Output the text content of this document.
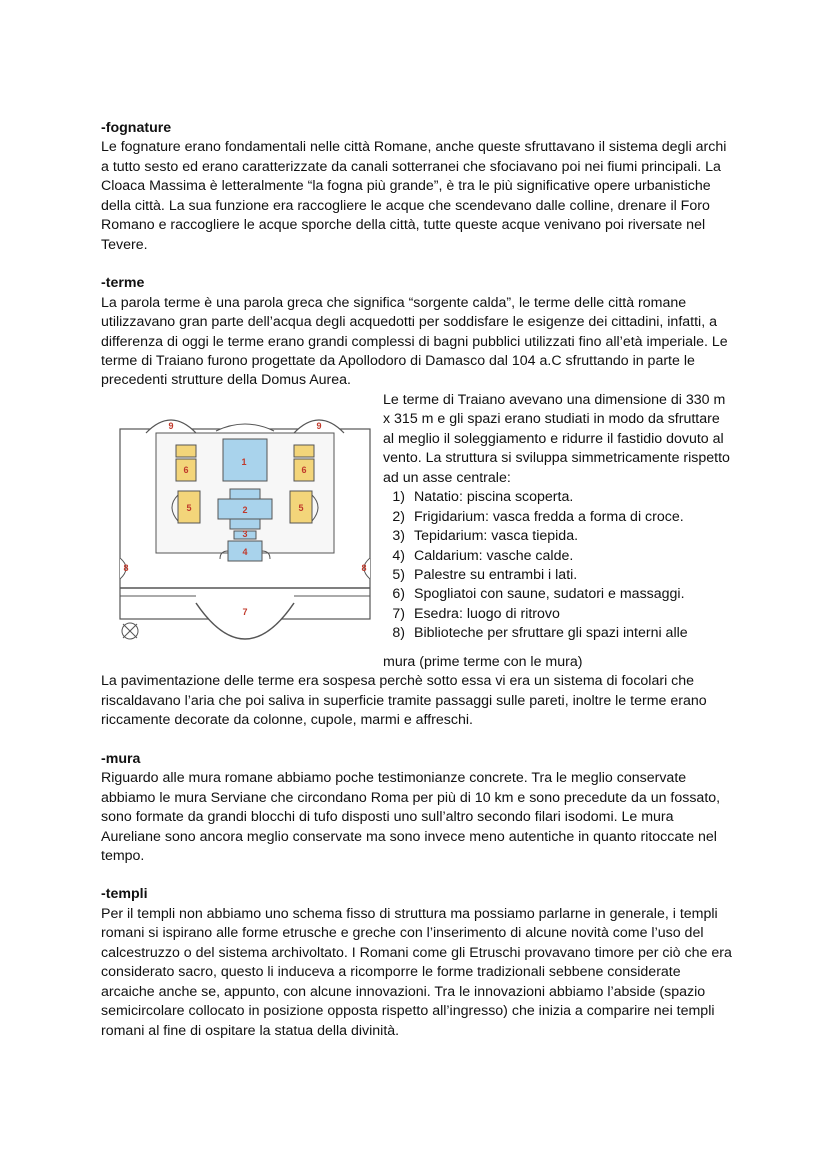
-fognature

Le fognature erano fondamentali nelle città Romane, anche queste sfruttavano il sistema degli archi a tutto sesto ed erano caratterizzate da canali sotterranei che sfociavano poi nei fiumi principali. La Cloaca Massima è letteralmente “la fogna più grande”, è tra le più significative opere urbanistiche della città. La sua funzione era raccogliere le acque che scendevano dalle colline, drenare il Foro Romano e raccogliere le acque sporche della città, tutte queste acque venivano poi riversate nel Tevere.

-terme

La parola terme è una parola greca che significa “sorgente calda”, le terme delle città romane utilizzavano gran parte dell’acqua degli acquedotti per soddisfare le esigenze dei cittadini, infatti, a differenza di oggi le terme erano grandi complessi di bagni pubblici utilizzati fino all’età imperiale. Le terme di Traiano furono progettate da Apollodoro di Damasco dal 104 a.C sfruttando in parte le precedenti strutture della Domus Aurea.

1
2
3
4
5	5
6	6
7
8	8
9	9

Le terme di Traiano avevano una dimensione di 330 m x 315 m e gli spazi erano studiati in modo da sfruttare al meglio il soleggiamento e ridurre il fastidio dovuto al vento. La struttura si sviluppa simmetricamente rispetto ad un asse centrale:

1) Natatio: piscina scoperta.
2) Frigidarium: vasca fredda a forma di croce.
3) Tepidarium: vasca tiepida.
4) Caldarium: vasche calde.
5) Palestre su entrambi i lati.
6) Spogliatoi con saune, sudatori e massaggi.
7) Esedra: luogo di ritrovo
8) Biblioteche per sfruttare gli spazi interni alle

mura (prime terme con le mura)

La pavimentazione delle terme era sospesa perchè sotto essa vi era un sistema di focolari che riscaldavano l’aria che poi saliva in superficie tramite passaggi sulle pareti, inoltre le terme erano riccamente decorate da colonne, cupole, marmi e affreschi.

-mura

Riguardo alle mura romane abbiamo poche testimonianze concrete. Tra le meglio conservate abbiamo le mura Serviane che circondano Roma per più di 10 km e sono precedute da un fossato, sono formate da grandi blocchi di tufo disposti uno sull’altro secondo filari isodomi. Le mura Aureliane sono ancora meglio conservate ma sono invece meno autentiche in quanto ritoccate nel tempo.

-templi

Per il templi non abbiamo uno schema fisso di struttura ma possiamo parlarne in generale, i templi romani si ispirano alle forme etrusche e greche con l’inserimento di alcune novità come l’uso del calcestruzzo o del sistema archivoltato. I Romani come gli Etruschi provavano timore per ciò che era considerato sacro, questo li induceva a ricomporre le forme tradizionali sebbene considerate arcaiche anche se, appunto, con alcune innovazioni. Tra le innovazioni abbiamo l’abside (spazio semicircolare collocato in posizione opposta rispetto all’ingresso) che inizia a comparire nei templi romani al fine di ospitare la statua della divinità.
